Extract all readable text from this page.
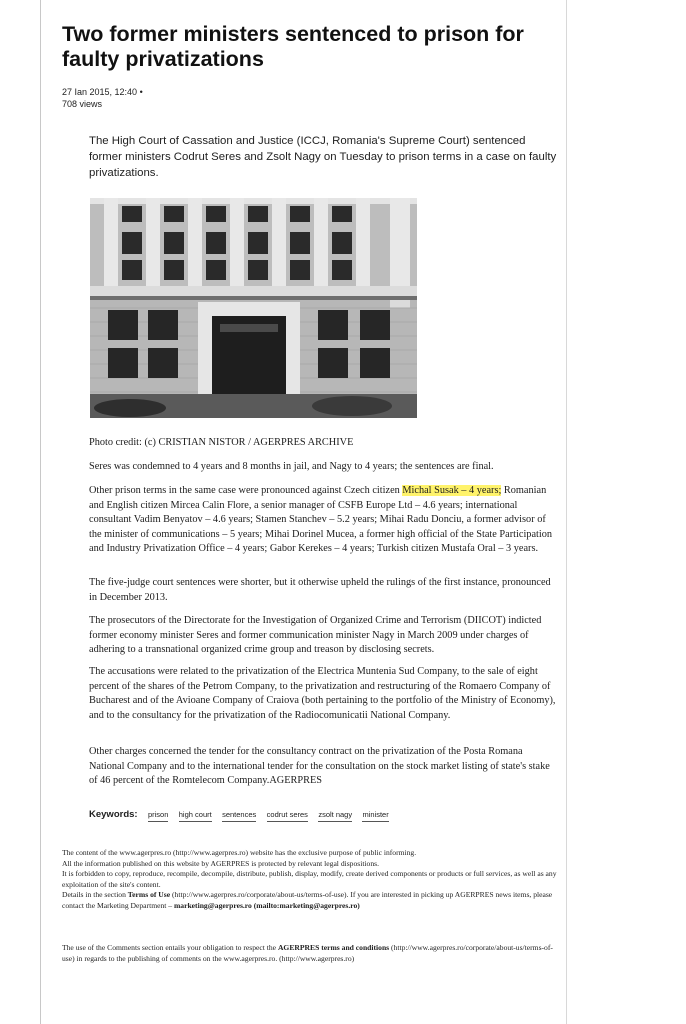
Two former ministers sentenced to prison for faulty privatizations
27 Ian 2015, 12:40 •
708 views

The High Court of Cassation and Justice (ICCJ, Romania's Supreme Court) sentenced former ministers Codrut Seres and Zsolt Nagy on Tuesday to prison terms in a case on faulty privatizations.

Photo credit: (c) CRISTIAN NISTOR / AGERPRES ARCHIVE

Seres was condemned to 4 years and 8 months in jail, and Nagy to 4 years; the sentences are final.

Other prison terms in the same case were pronounced against Czech citizen Michal Susak – 4 years; Romanian and English citizen Mircea Calin Flore, a senior manager of CSFB Europe Ltd – 4.6 years; international consultant Vadim Benyatov – 4.6 years; Stamen Stanchev – 5.2 years; Mihai Radu Donciu, a former advisor of the minister of communications – 5 years; Mihai Dorinel Mucea, a former high official of the State Participation and Industry Privatization Office – 4 years; Gabor Kerekes – 4 years; Turkish citizen Mustafa Oral – 3 years.

The five-judge court sentences were shorter, but it otherwise upheld the rulings of the first instance, pronounced in December 2013.

The prosecutors of the Directorate for the Investigation of Organized Crime and Terrorism (DIICOT) indicted former economy minister Seres and former communication minister Nagy in March 2009 under charges of adhering to a transnational organized crime group and treason by disclosing secrets.

The accusations were related to the privatization of the Electrica Muntenia Sud Company, to the sale of eight percent of the shares of the Petrom Company, to the privatization and restructuring of the Romaero Company of Bucharest and of the Avioane Company of Craiova (both pertaining to the portfolio of the Ministry of Economy), and to the consultancy for the privatization of the Radiocomunicatii National Company.

Other charges concerned the tender for the consultancy contract on the privatization of the Posta Romana National Company and to the international tender for the consultation on the stock market listing of state's stake of 46 percent of the Romtelecom Company.AGERPRES

Keywords: prison high court sentences codrut seres zsolt nagy minister
The content of the www.agerpres.ro (http://www.agerpres.ro) website has the exclusive purpose of public informing.
All the information published on this website by AGERPRES is protected by relevant legal dispositions.
It is forbidden to copy, reproduce, recompile, decompile, distribute, publish, display, modify, create derived components or products or full services, as well as any exploitation of the site's content.
Details in the section Terms of Use (http://www.agerpres.ro/corporate/about-us/terms-of-use). If you are interested in picking up AGERPRES news items, please contact the Marketing Department – marketing@agerpres.ro (mailto:marketing@agerpres.ro)
The use of the Comments section entails your obligation to respect the AGERPRES terms and conditions (http://www.agerpres.ro/corporate/about-us/terms-of-use) in regards to the publishing of comments on the www.agerpres.ro. (http://www.agerpres.ro)
